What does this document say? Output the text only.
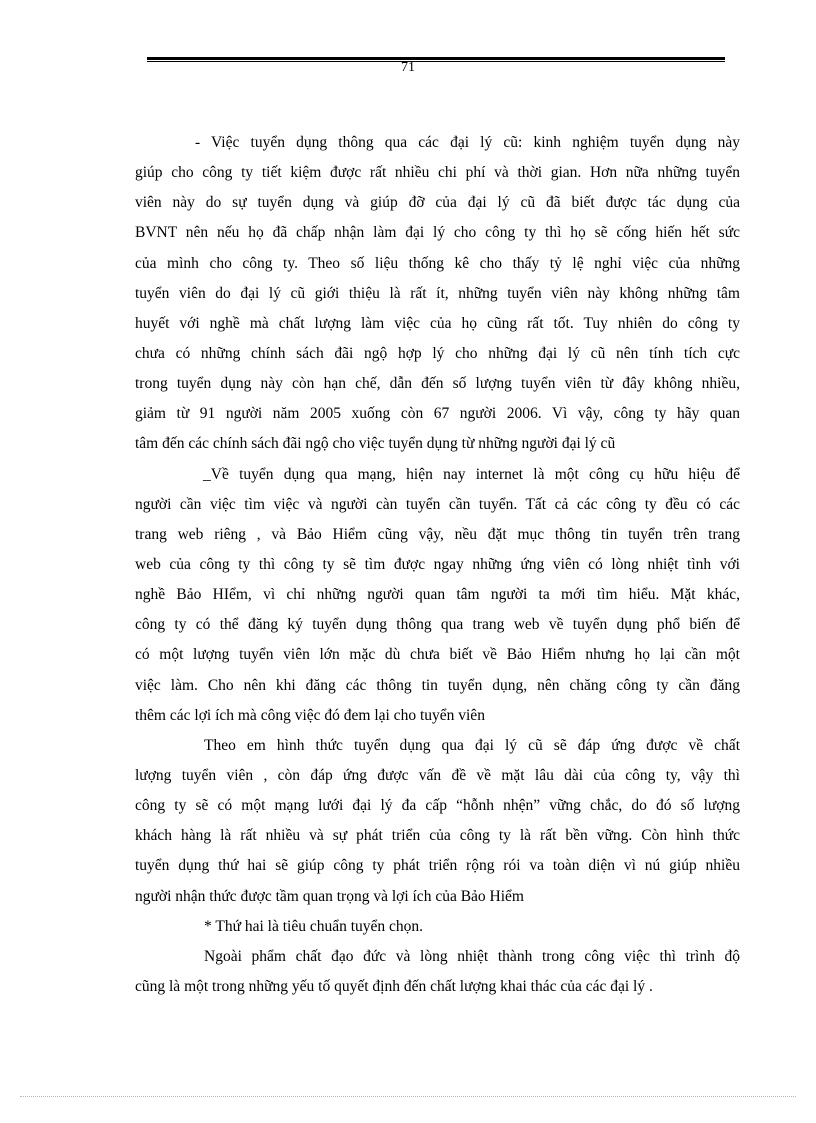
71
- Việc tuyển dụng thông qua các đại lý cũ: kinh nghiệm tuyển dụng này
giúp cho công ty tiết kiệm được rất nhiều chi phí và thời gian. Hơn nữa những tuyển
viên này do sự tuyển dụng và giúp đỡ của đại lý cũ đã biết được tác dụng của
BVNT nên nếu họ đã chấp nhận làm đại lý cho công ty thì họ sẽ cống hiến hết sức
của mình cho công ty. Theo số liệu thống kê cho thấy tỷ lệ nghỉ việc của những
tuyển viên do đại lý cũ giới thiệu là rất ít, những tuyển viên này không những tâm
huyết với nghề mà chất lượng làm việc của họ cũng rất tốt. Tuy nhiên do công ty
chưa có những chính sách đãi ngộ hợp lý cho những đại lý cũ nên tính tích cực
trong tuyển dụng này còn hạn chế, dẫn đến số lượng tuyển viên từ đây không nhiều,
giảm từ 91 người năm 2005 xuống còn 67 người 2006. Vì vậy, công ty hãy quan
tâm đến các chính sách đãi ngộ cho việc tuyển dụng từ những người đại lý cũ
_Về tuyển dụng qua mạng, hiện nay internet là một công cụ hữu hiệu để
người cần việc tìm việc và người càn tuyển cần tuyển. Tất cả các công ty đều có các
trang web riêng , và Bảo Hiểm cũng vậy, nều đặt mục thông tin tuyển trên trang
web của công ty thì công ty sẽ tìm được ngay những ứng viên có lòng nhiệt tình với
nghề Bảo HIểm, vì chỉ những người quan tâm người ta mới tìm hiểu. Mặt khác,
công ty có thể đăng ký tuyển dụng thông qua trang web về tuyển dụng phổ biến để
có một lượng tuyển viên lớn mặc dù chưa biết về Bảo Hiểm nhưng họ lại cần một
việc làm. Cho nên khi đăng các thông tin tuyển dụng, nên chăng công ty cần đăng
thêm các lợi ích mà công việc đó đem lại cho tuyển viên
Theo em hình thức tuyển dụng qua đại lý cũ sẽ đáp ứng được về chất
lượng tuyển viên , còn đáp ứng được vấn đề về mặt lâu dài của công ty, vậy thì
công ty sẽ có một mạng lưới đại lý đa cấp “hỗnh nhện” vững chắc, do đó số lượng
khách hàng là rất nhiều và sự phát triển của công ty là rất bền vững. Còn hình thức
tuyển dụng thứ hai sẽ giúp công ty phát triển rộng rói va toàn diện vì nú giúp nhiều
người nhận thức được tầm quan trọng và lợi ích của Bảo Hiểm
* Thứ hai là tiêu chuẩn tuyển chọn.
Ngoài phẩm chất đạo đức và lòng nhiệt thành trong công việc thì trình độ
cũng là một trong những yếu tố quyết định đến chất lượng khai thác của các đại lý .
